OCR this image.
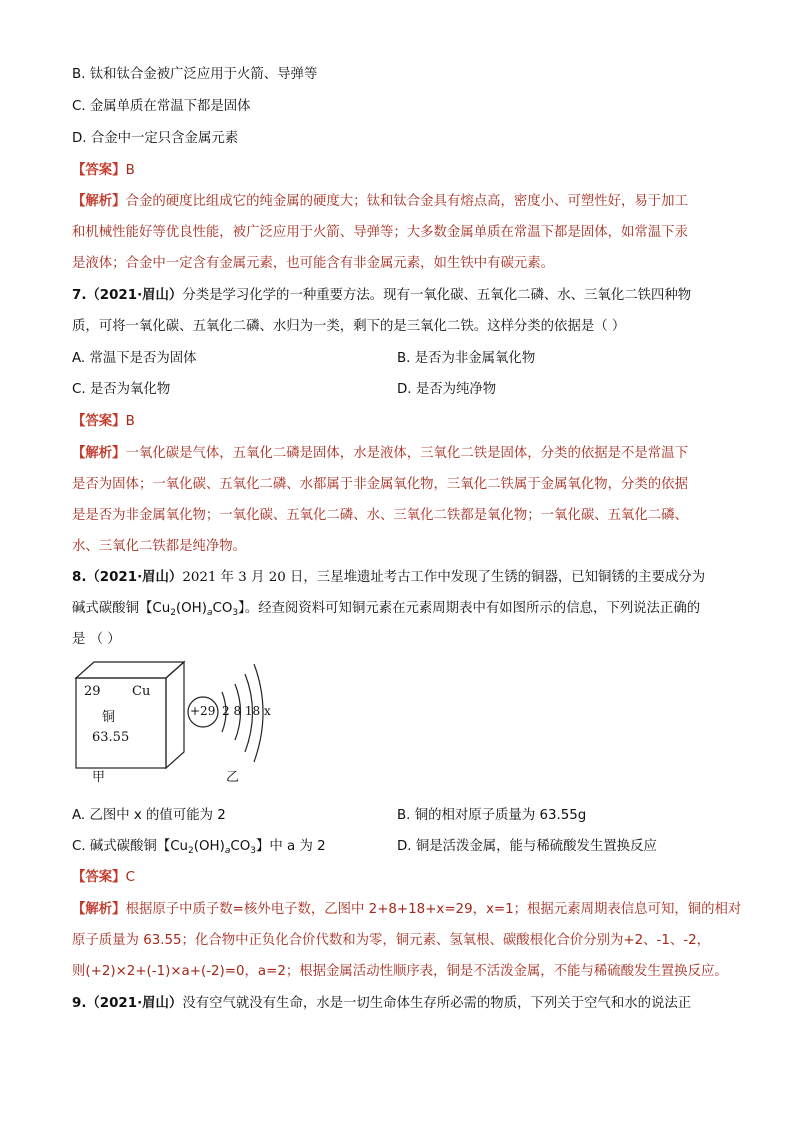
B. 钛和钛合金被广泛应用于火箭、导弹等
C. 金属单质在常温下都是固体
D. 合金中一定只含金属元素
【答案】B
【解析】合金的硬度比组成它的纯金属的硬度大；钛和钛合金具有熔点高，密度小、可塑性好，易于加工
和机械性能好等优良性能，被广泛应用于火箭、导弹等；大多数金属单质在常温下都是固体，如常温下汞
是液体；合金中一定含有金属元素，也可能含有非金属元素，如生铁中有碳元素。
7.（2021·眉山）分类是学习化学的一种重要方法。现有一氧化碳、五氧化二磷、水、三氧化二铁四种物
质，可将一氧化碳、五氧化二磷、水归为一类，剩下的是三氧化二铁。这样分类的依据是（ ）
A. 常温下是否为固体	B. 是否为非金属氧化物
C. 是否为氧化物	D. 是否为纯净物
【答案】B
【解析】一氧化碳是气体，五氧化二磷是固体，水是液体，三氧化二铁是固体，分类的依据是不是常温下
是否为固体；一氧化碳、五氧化二磷、水都属于非金属氧化物，三氧化二铁属于金属氧化物，分类的依据
是是否为非金属氧化物；一氧化碳、五氧化二磷、水、三氧化二铁都是氧化物；一氧化碳、五氧化二磷、
水、三氧化二铁都是纯净物。
8.（2021·眉山）2021 年 3 月 20 日，三星堆遗址考古工作中发现了生锈的铜器，已知铜锈的主要成分为
碱式碳酸铜【$Cu_2(OH)_aCO_3$】。经查阅资料可知铜元素在元素周期表中有如图所示的信息，下列说法正确的
是 （ ）
29 Cu
铜
63.55
+29 2 8 18 x
甲	乙
A. 乙图中 x 的值可能为 2	B. 铜的相对原子质量为 63.55g
C. 碱式碳酸铜【$Cu_2(OH)_aCO_3$】中 a 为 2	D. 铜是活泼金属，能与稀硫酸发生置换反应
【答案】C
【解析】根据原子中质子数=核外电子数，乙图中 2+8+18+x=29，x=1；根据元素周期表信息可知，铜的相对
原子质量为 63.55；化合物中正负化合价代数和为零，铜元素、氢氧根、碳酸根化合价分别为+2、-1、-2，
则(+2)×2+(-1)×a+(-2)=0，a=2；根据金属活动性顺序表，铜是不活泼金属，不能与稀硫酸发生置换反应。
9.（2021·眉山）没有空气就没有生命，水是一切生命体生存所必需的物质，下列关于空气和水的说法正
